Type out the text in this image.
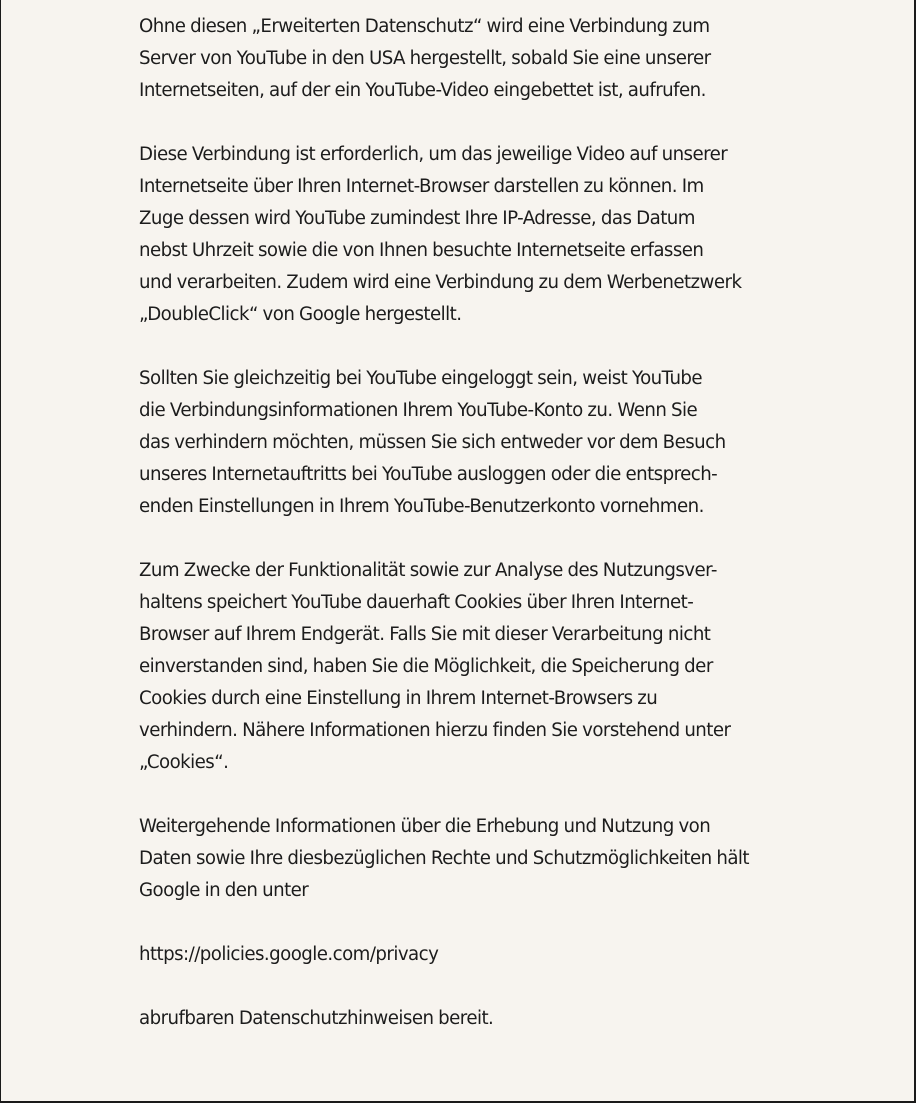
Ohne diesen „Erweiterten Datenschutz“ wird eine Verbindung zum
Server von YouTube in den USA hergestellt, sobald Sie eine unserer
Internetseiten, auf der ein YouTube-Video eingebettet ist, aufrufen.

Diese Verbindung ist erforderlich, um das jeweilige Video auf unserer
Internetseite über Ihren Internet-Browser darstellen zu können. Im
Zuge dessen wird YouTube zumindest Ihre IP-Adresse, das Datum
nebst Uhrzeit sowie die von Ihnen besuchte Internetseite erfassen
und verarbeiten. Zudem wird eine Verbindung zu dem Werbenetzwerk
„DoubleClick“ von Google hergestellt.

Sollten Sie gleichzeitig bei YouTube eingeloggt sein, weist YouTube
die Verbindungsinformationen Ihrem YouTube-Konto zu. Wenn Sie
das verhindern möchten, müssen Sie sich entweder vor dem Besuch
unseres Internetauftritts bei YouTube ausloggen oder die entsprech-
enden Einstellungen in Ihrem YouTube-Benutzerkonto vornehmen.

Zum Zwecke der Funktionalität sowie zur Analyse des Nutzungsver-
haltens speichert YouTube dauerhaft Cookies über Ihren Internet-
Browser auf Ihrem Endgerät. Falls Sie mit dieser Verarbeitung nicht
einverstanden sind, haben Sie die Möglichkeit, die Speicherung der
Cookies durch eine Einstellung in Ihrem Internet-Browsers zu
verhindern. Nähere Informationen hierzu finden Sie vorstehend unter
„Cookies“.

Weitergehende Informationen über die Erhebung und Nutzung von
Daten sowie Ihre diesbezüglichen Rechte und Schutzmöglichkeiten hält
Google in den unter

https://policies.google.com/privacy

abrufbaren Datenschutzhinweisen bereit.
